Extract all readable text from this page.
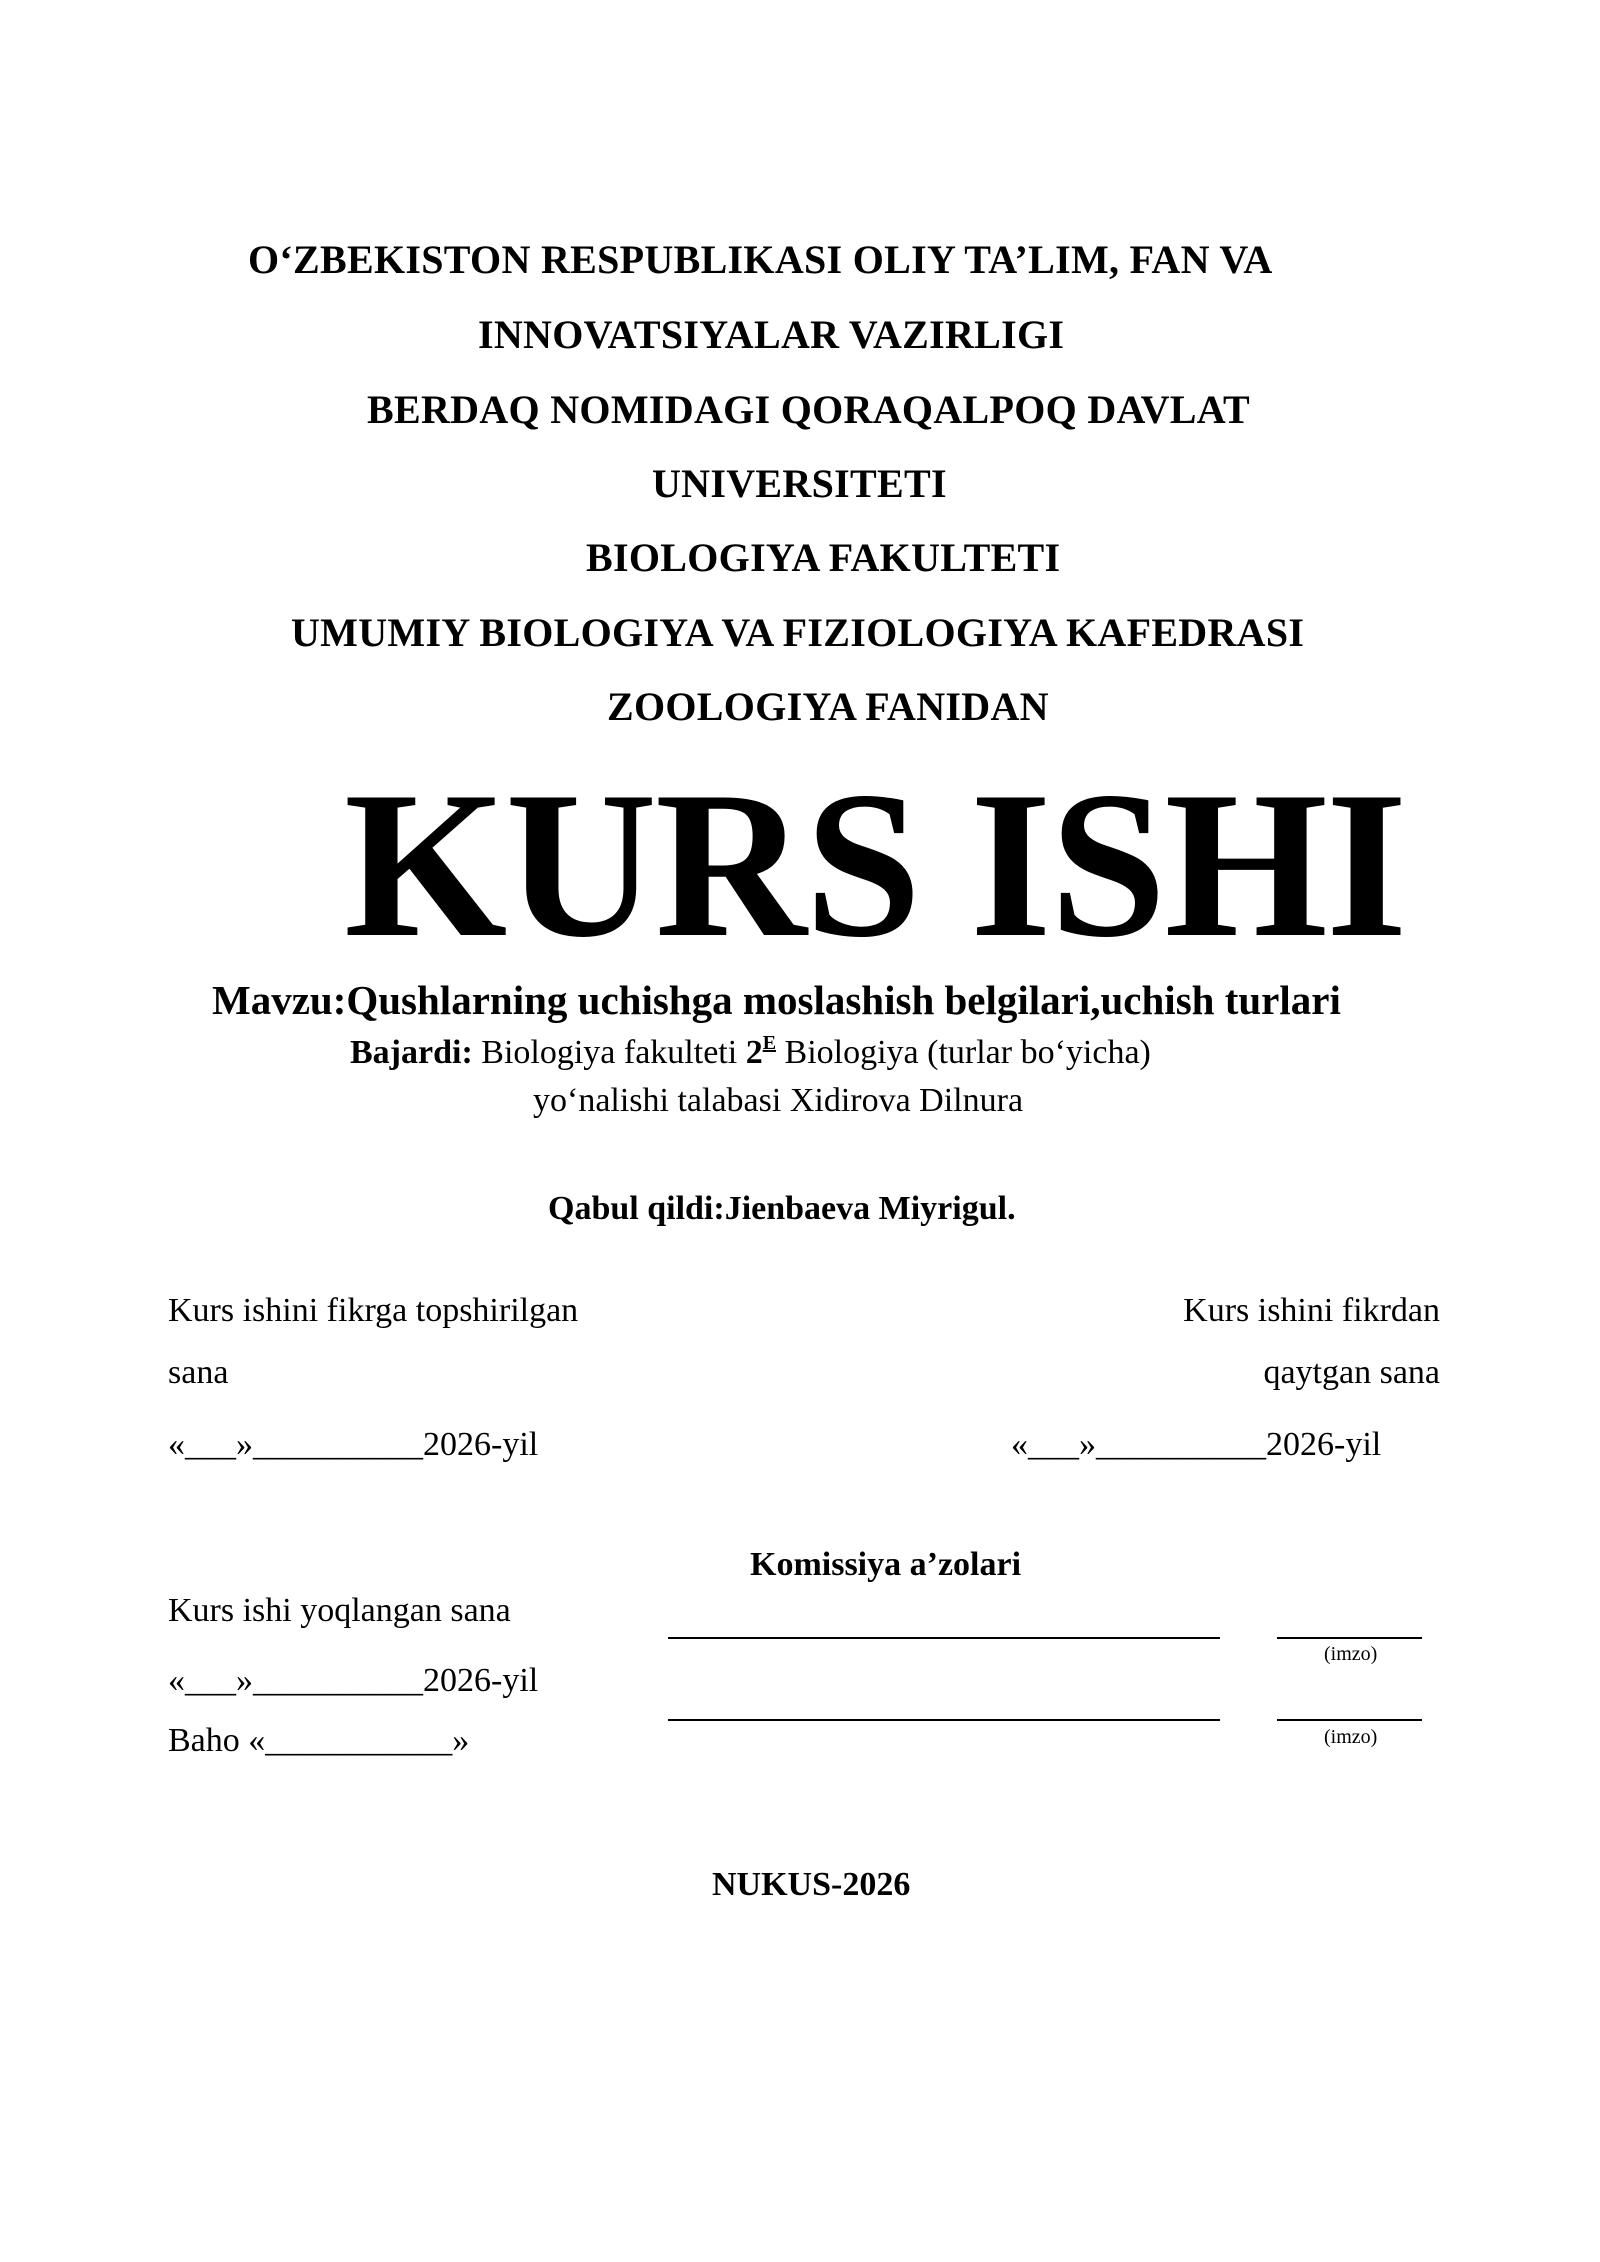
O‘ZBEKISTON RESPUBLIKASI OLIY TA’LIM, FAN VA
INNOVATSIYALAR VAZIRLIGI
BERDAQ NOMIDAGI QORAQALPOQ DAVLAT
UNIVERSITETI
BIOLOGIYA FAKULTETI
UMUMIY BIOLOGIYA VA FIZIOLOGIYA KAFEDRASI
ZOOLOGIYA FANIDAN
KURS ISHI
Mavzu:Qushlarning uchishga moslashish belgilari,uchish turlari
Bajardi: Biologiya fakulteti $2^E$ Biologiya (turlar bo‘yicha)
yo‘nalishi talabasi Xidirova Dilnura
Qabul qildi:Jienbaeva Miyrigul.
Kurs ishini fikrga topshirilgan
sana
«___»__________2026-yil
Kurs ishini fikrdan
qaytgan sana
«___»__________2026-yil
Komissiya a’zolari
Kurs ishi yoqlangan sana
«___»__________2026-yil
Baho «___________»
(imzo)
(imzo)
NUKUS-2026
